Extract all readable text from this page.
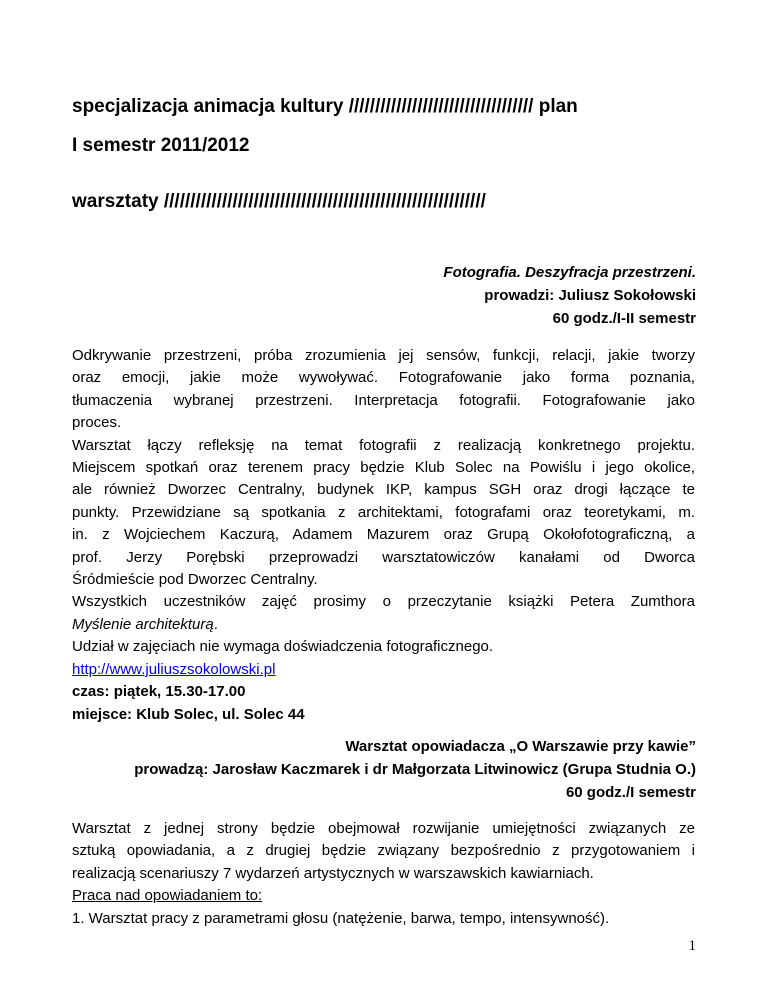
specjalizacja animacja kultury /////////////////////////////////// plan
I semestr 2011/2012
warsztaty /////////////////////////////////////////////////////////////
Fotografia. Deszyfracja przestrzeni.
prowadzi: Juliusz Sokołowski
60 godz./I-II semestr
Odkrywanie przestrzeni, próba zrozumienia jej sensów, funkcji, relacji, jakie tworzy
oraz emocji, jakie może wywoływać. Fotografowanie jako forma poznania,
tłumaczenia wybranej przestrzeni. Interpretacja fotografii. Fotografowanie jako
proces.
Warsztat łączy refleksję na temat fotografii z realizacją konkretnego projektu.
Miejscem spotkań oraz terenem pracy będzie Klub Solec na Powiślu i jego okolice,
ale również Dworzec Centralny, budynek IKP, kampus SGH oraz drogi łączące te
punkty. Przewidziane są spotkania z architektami, fotografami oraz teoretykami, m.
in. z Wojciechem Kaczurą, Adamem Mazurem oraz Grupą Okołofotograficzną, a
prof. Jerzy Porębski przeprowadzi warsztatowiczów kanałami od Dworca
Śródmieście pod Dworzec Centralny.
Wszystkich uczestników zajęć prosimy o przeczytanie książki Petera Zumthora
Myślenie architekturą.
Udział w zajęciach nie wymaga doświadczenia fotograficznego.
http://www.juliuszsokolowski.pl
czas: piątek, 15.30-17.00
miejsce: Klub Solec, ul. Solec 44
Warsztat opowiadacza „O Warszawie przy kawie”
prowadzą: Jarosław Kaczmarek i dr Małgorzata Litwinowicz (Grupa Studnia O.)
60 godz./I semestr
Warsztat z jednej strony będzie obejmował rozwijanie umiejętności związanych ze
sztuką opowiadania, a z drugiej będzie związany bezpośrednio z przygotowaniem i
realizacją scenariuszy 7 wydarzeń artystycznych w warszawskich kawiarniach.
Praca nad opowiadaniem to:
1. Warsztat pracy z parametrami głosu (natężenie, barwa, tempo, intensywność).
1
